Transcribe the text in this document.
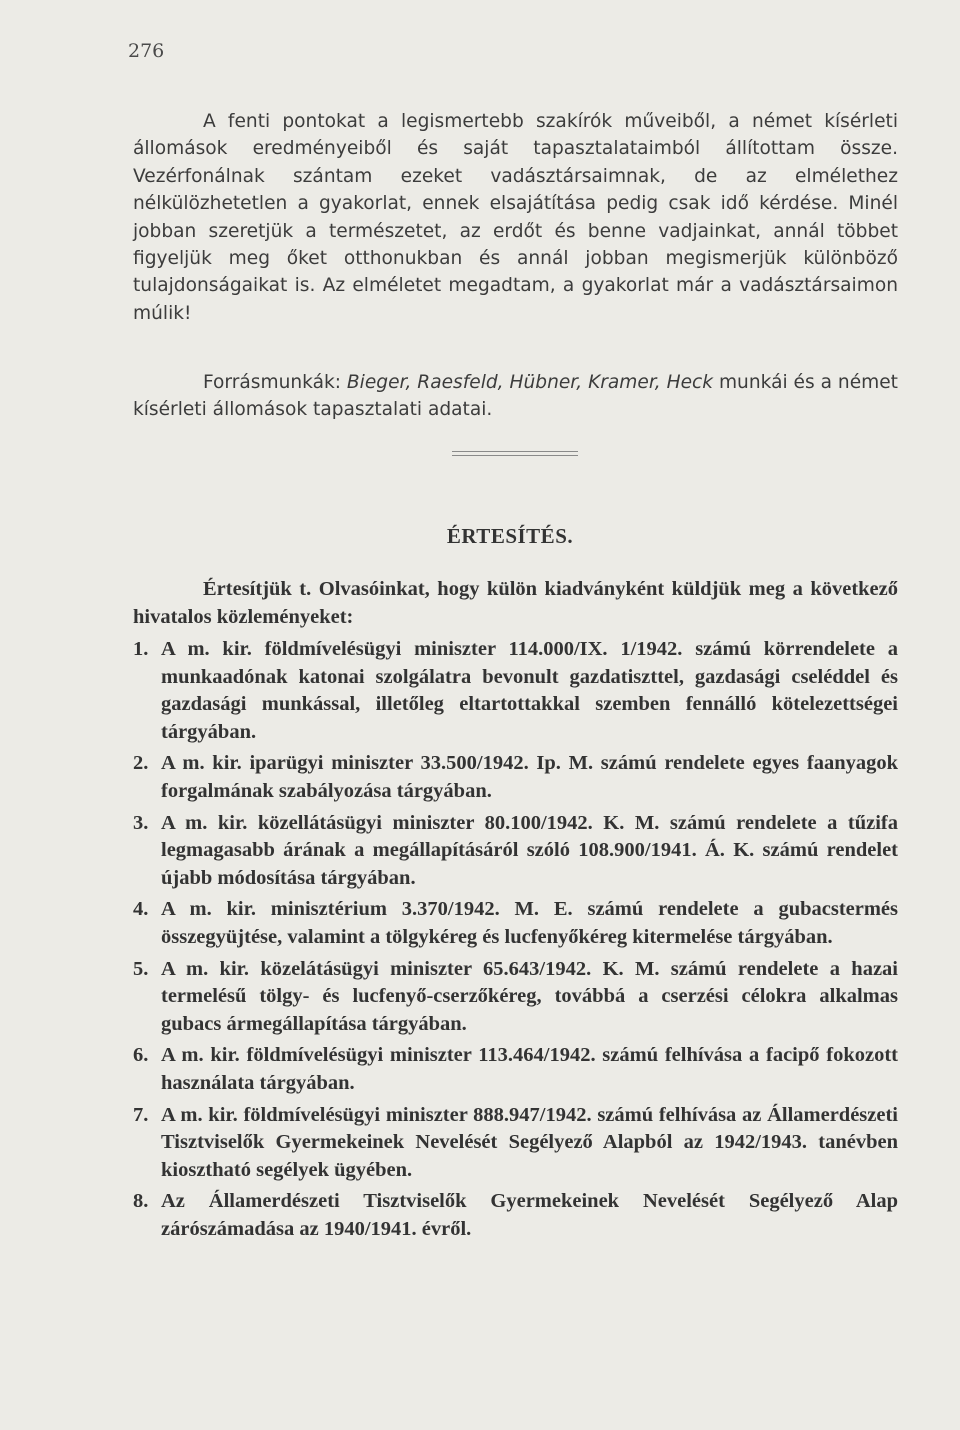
276

A fenti pontokat a legismertebb szakírók műveiből, a német kísérleti állomások eredményeiből és saját tapasztalataimból állítottam össze. Vezérfonálnak szántam ezeket vadásztársaimnak, de az elmélethez nélkülözhetetlen a gyakorlat, ennek elsajátítása pedig csak idő kérdése. Minél jobban szeretjük a természetet, az erdőt és benne vadjainkat, annál többet figyeljük meg őket otthonukban és annál jobban megismerjük különböző tulajdonságaikat is. Az elméletet megadtam, a gyakorlat már a vadásztársaimon múlik!

Forrásmunkák: Bieger, Raesfeld, Hübner, Kramer, Heck munkái és a német kísérleti állomások tapasztalati adatai.

ÉRTESÍTÉS.

Értesítjük t. Olvasóinkat, hogy külön kiadványként küldjük meg a következő hivatalos közleményeket:

1. A m. kir. földmívelésügyi miniszter 114.000/IX. 1/1942. számú körrendelete a munkaadónak katonai szolgálatra bevonult gazdatiszttel, gazdasági cseléddel és gazdasági munkással, illetőleg eltartottakkal szemben fennálló kötelezettségei tárgyában.
2. A m. kir. iparügyi miniszter 33.500/1942. Ip. M. számú rendelete egyes faanyagok forgalmának szabályozása tárgyában.
3. A m. kir. közellátásügyi miniszter 80.100/1942. K. M. számú rendelete a tűzifa legmagasabb árának a megállapításáról szóló 108.900/1941. Á. K. számú rendelet újabb módosítása tárgyában.
4. A m. kir. minisztérium 3.370/1942. M. E. számú rendelete a gubacstermés összegyüjtése, valamint a tölgykéreg és lucfenyőkéreg kitermelése tárgyában.
5. A m. kir. közelátásügyi miniszter 65.643/1942. K. M. számú rendelete a hazai termelésű tölgy- és lucfenyő-cserzőkéreg, továbbá a cserzési célokra alkalmas gubacs ármegállapítása tárgyában.
6. A m. kir. földmívelésügyi miniszter 113.464/1942. számú felhívása a facipő fokozott használata tárgyában.
7. A m. kir. földmívelésügyi miniszter 888.947/1942. számú felhívása az Államerdészeti Tisztviselők Gyermekeinek Nevelését Segélyező Alapból az 1942/1943. tanévben kiosztható segélyek ügyében.
8. Az Államerdészeti Tisztviselők Gyermekeinek Nevelését Segélyező Alap zárószámadása az 1940/1941. évről.
